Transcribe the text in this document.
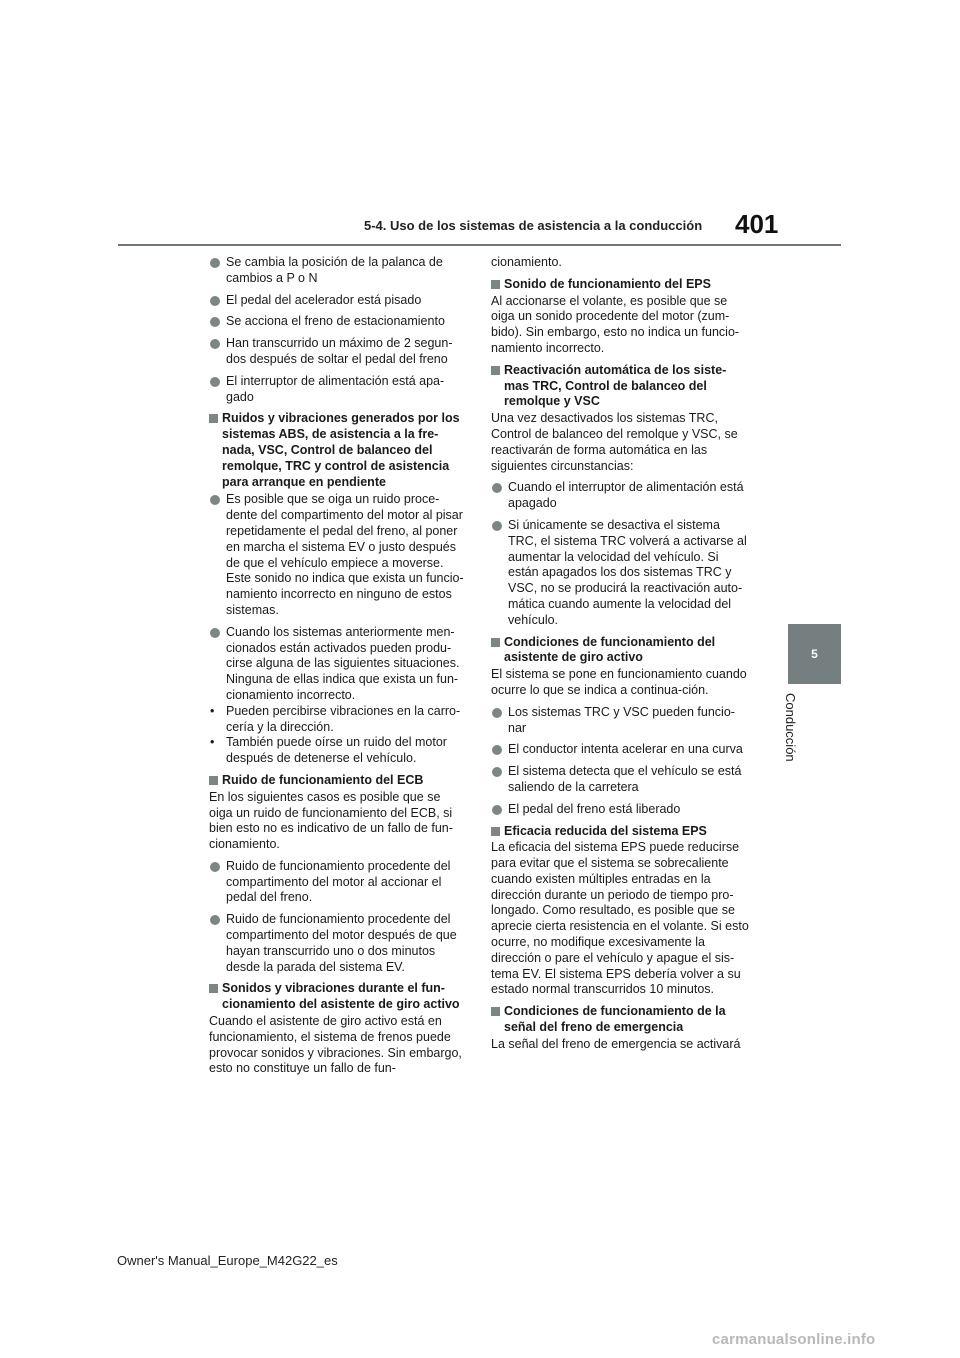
5-4. Uso de los sistemas de asistencia a la conducción 401
5
Conducción
Se cambia la posición de la palanca de cambios a P o N
El pedal del acelerador está pisado
Se acciona el freno de estacionamiento
Han transcurrido un máximo de 2 segun-dos después de soltar el pedal del freno
El interruptor de alimentación está apa-gado
Ruidos y vibraciones generados por los sistemas ABS, de asistencia a la fre-nada, VSC, Control de balanceo del remolque, TRC y control de asistencia para arranque en pendiente
Es posible que se oiga un ruido proce-dente del compartimento del motor al pisar repetidamente el pedal del freno, al poner en marcha el sistema EV o justo después de que el vehículo empiece a moverse. Este sonido no indica que exista un funcio-namiento incorrecto en ninguno de estos sistemas.
Cuando los sistemas anteriormente men-cionados están activados pueden produ-cirse alguna de las siguientes situaciones. Ninguna de ellas indica que exista un fun-cionamiento incorrecto.
• Pueden percibirse vibraciones en la carro-cería y la dirección.
• También puede oírse un ruido del motor después de detenerse el vehículo.
Ruido de funcionamiento del ECB
En los siguientes casos es posible que se oiga un ruido de funcionamiento del ECB, si bien esto no es indicativo de un fallo de fun-cionamiento.
Ruido de funcionamiento procedente del compartimento del motor al accionar el pedal del freno.
Ruido de funcionamiento procedente del compartimento del motor después de que hayan transcurrido uno o dos minutos desde la parada del sistema EV.
Sonidos y vibraciones durante el fun-cionamiento del asistente de giro activo
Cuando el asistente de giro activo está en funcionamiento, el sistema de frenos puede provocar sonidos y vibraciones. Sin embargo, esto no constituye un fallo de fun-
cionamiento.
Sonido de funcionamiento del EPS
Al accionarse el volante, es posible que se oiga un sonido procedente del motor (zum-bido). Sin embargo, esto no indica un funcio-namiento incorrecto.
Reactivación automática de los siste-mas TRC, Control de balanceo del remolque y VSC
Una vez desactivados los sistemas TRC, Control de balanceo del remolque y VSC, se reactivarán de forma automática en las siguientes circunstancias:
Cuando el interruptor de alimentación está apagado
Si únicamente se desactiva el sistema TRC, el sistema TRC volverá a activarse al aumentar la velocidad del vehículo. Si están apagados los dos sistemas TRC y VSC, no se producirá la reactivación auto-mática cuando aumente la velocidad del vehículo.
Condiciones de funcionamiento del asistente de giro activo
El sistema se pone en funcionamiento cuando ocurre lo que se indica a continua-ción.
Los sistemas TRC y VSC pueden funcio-nar
El conductor intenta acelerar en una curva
El sistema detecta que el vehículo se está saliendo de la carretera
El pedal del freno está liberado
Eficacia reducida del sistema EPS
La eficacia del sistema EPS puede reducirse para evitar que el sistema se sobrecaliente cuando existen múltiples entradas en la dirección durante un periodo de tiempo pro-longado. Como resultado, es posible que se aprecie cierta resistencia en el volante. Si esto ocurre, no modifique excesivamente la dirección o pare el vehículo y apague el sis-tema EV. El sistema EPS debería volver a su estado normal transcurridos 10 minutos.
Condiciones de funcionamiento de la señal del freno de emergencia
La señal del freno de emergencia se activará
Owner's Manual_Europe_M42G22_es
carmanualsonline.info
